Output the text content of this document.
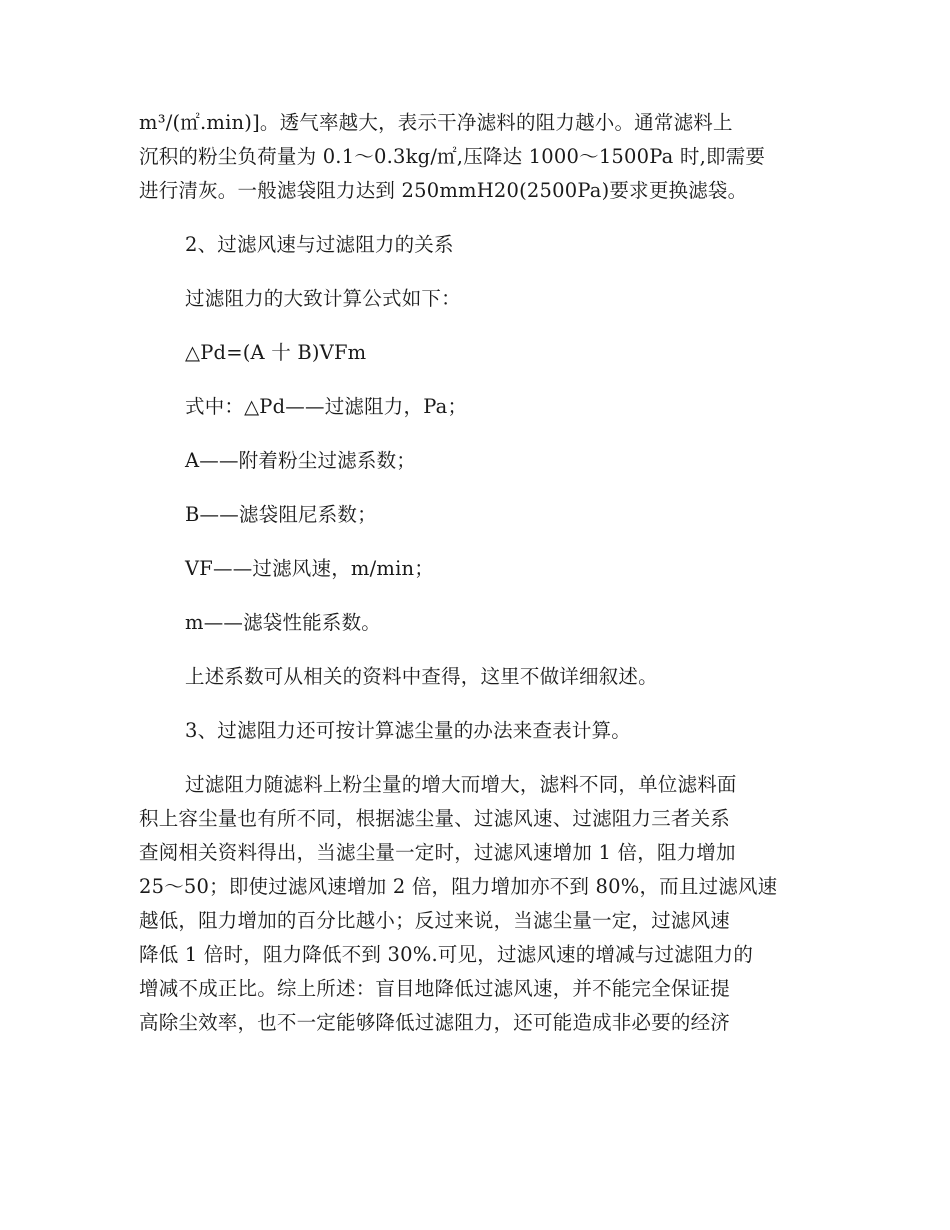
m³/(㎡.min)]。透气率越大，表示干净滤料的阻力越小。通常滤料上

沉积的粉尘负荷量为 0.1～0.3kg/㎡,压降达 1000～1500Pa 时,即需要

进行清灰。一般滤袋阻力达到 250mmH20(2500Pa)要求更换滤袋。

2、过滤风速与过滤阻力的关系

过滤阻力的大致计算公式如下：

△Pd=(A 十 B)VFm

式中：△Pd——过滤阻力，Pa；

A——附着粉尘过滤系数；

B——滤袋阻尼系数；

VF——过滤风速，m/min；

m——滤袋性能系数。

上述系数可从相关的资料中查得，这里不做详细叙述。

3、过滤阻力还可按计算滤尘量的办法来查表计算。

过滤阻力随滤料上粉尘量的增大而增大，滤料不同，单位滤料面

积上容尘量也有所不同，根据滤尘量、过滤风速、过滤阻力三者关系

查阅相关资料得出，当滤尘量一定时，过滤风速增加 1 倍，阻力增加

25～50；即使过滤风速增加 2 倍，阻力增加亦不到 80%，而且过滤风速

越低，阻力增加的百分比越小；反过来说，当滤尘量一定，过滤风速

降低 1 倍时，阻力降低不到 30%.可见，过滤风速的增减与过滤阻力的

增减不成正比。综上所述：盲目地降低过滤风速，并不能完全保证提

高除尘效率，也不一定能够降低过滤阻力，还可能造成非必要的经济
